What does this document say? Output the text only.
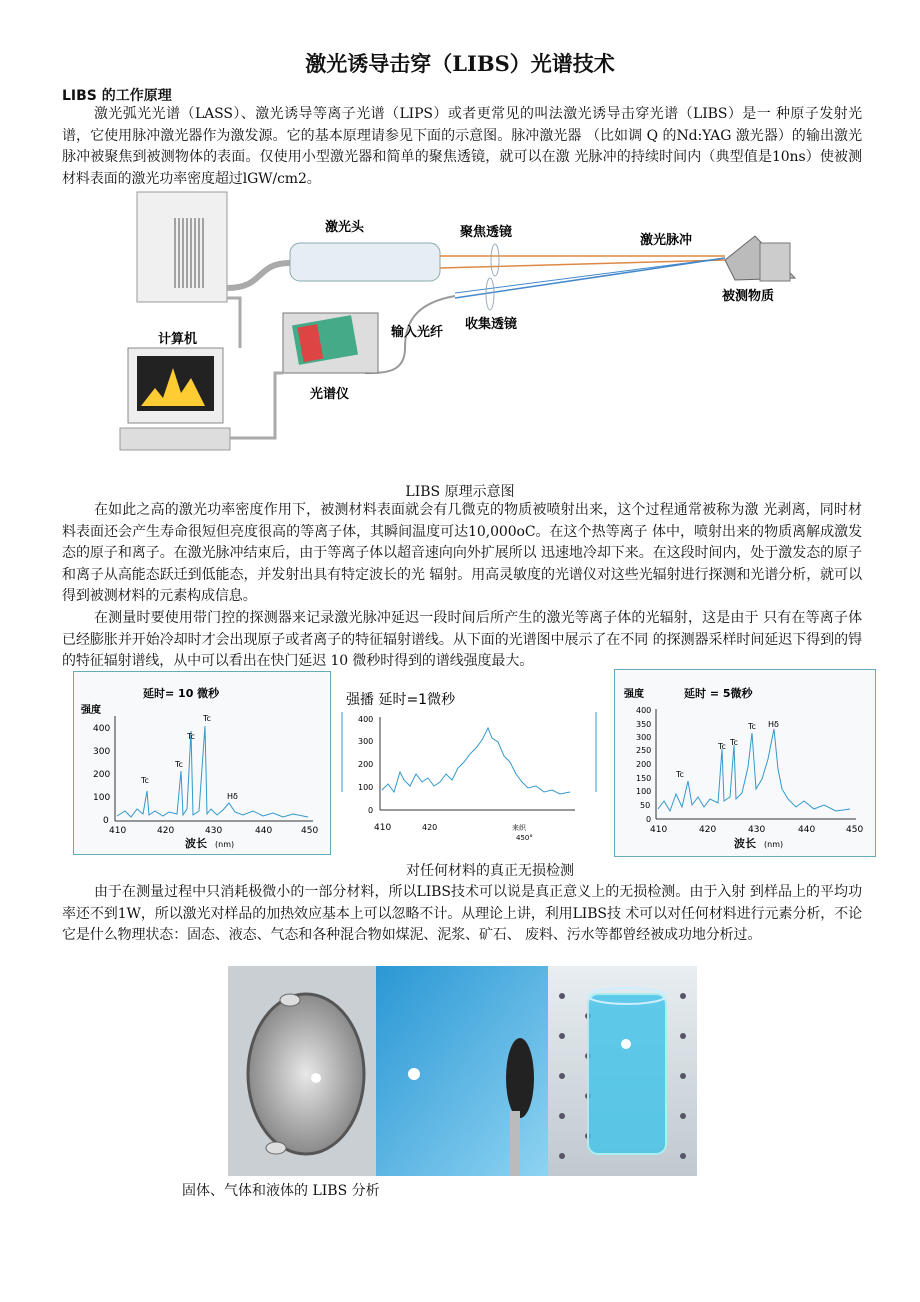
激光诱导击穿（LIBS）光谱技术
LIBS 的工作原理

激光弧光光谱（LASS）、激光诱导等离子光谱（LIPS）或者更常见的叫法激光诱导击穿光谱（LIBS）是一 种原子发射光谱，它使用脉冲激光器作为激发源。它的基本原理请参见下面的示意图。脉冲激光器 （比如调 Q 的Nd:YAG 激光器）的输出激光脉冲被聚焦到被测物体的表面。仅使用小型激光器和简单的聚焦透镜，就可以在激 光脉冲的持续时间内（典型值是10ns）使被测材料表面的激光功率密度超过lGW/cm2。

激光头	聚焦透镜
收集透镜
激光脉冲
被测物质
输入光纤
光谱仪
计算机
LIBS 原理示意图

在如此之高的激光功率密度作用下，被测材料表面就会有几微克的物质被喷射出来，这个过程通常被称为激 光剥离，同时材料表面还会产生寿命很短但亮度很高的等离子体，其瞬间温度可达10,000oC。在这个热等离子 体中，喷射出来的物质离解成激发态的原子和离子。在激光脉冲结束后，由于等离子体以超音速向向外扩展所以 迅速地冷却下来。在这段时间内，处于激发态的原子和离子从高能态跃迁到低能态，并发射出具有特定波长的光 辐射。用高灵敏度的光谱仪对这些光辐射进行探测和光谱分析，就可以得到被测材料的元素构成信息。

在测量时要使用带门控的探测器来记录激光脉冲延迟一段时间后所产生的激光等离子体的光辐射，这是由于 只有在等离子体已经膨胀并开始冷却时才会出现原子或者离子的特征辐射谱线。从下面的光谱图中展示了在不同 的探测器采样时间延迟下得到的锝的特征辐射谱线，从中可以看出在快门延迟 10 微秒时得到的谱线强度最大。

延时= 10 微秒
强度
400
300
200
100
0
410	420	430	440	450
波长 (nm)
Tc
Tc
Tc
Tc
Hδ
强播 延时=1微秒
400
300
200
100
0
410	420	来织
450°
延时 = 5微秒
强度
400
350
300
250
200
150
100
50
0
410	420	430	440	450
波长 (nm)
Tc
Tc Tc
Tc Hδ
对任何材料的真正无损检测

由于在测量过程中只消耗极微小的一部分材料，所以LIBS技术可以说是真正意义上的无损检测。由于入射 到样品上的平均功率还不到1W，所以激光对样品的加热效应基本上可以忽略不计。从理论上讲，利用LIBS技 术可以对任何材料进行元素分析，不论它是什么物理状态：固态、液态、气态和各种混合物如煤泥、泥浆、矿石、 废料、污水等都曾经被成功地分析过。

固体、气体和液体的 LIBS 分析
